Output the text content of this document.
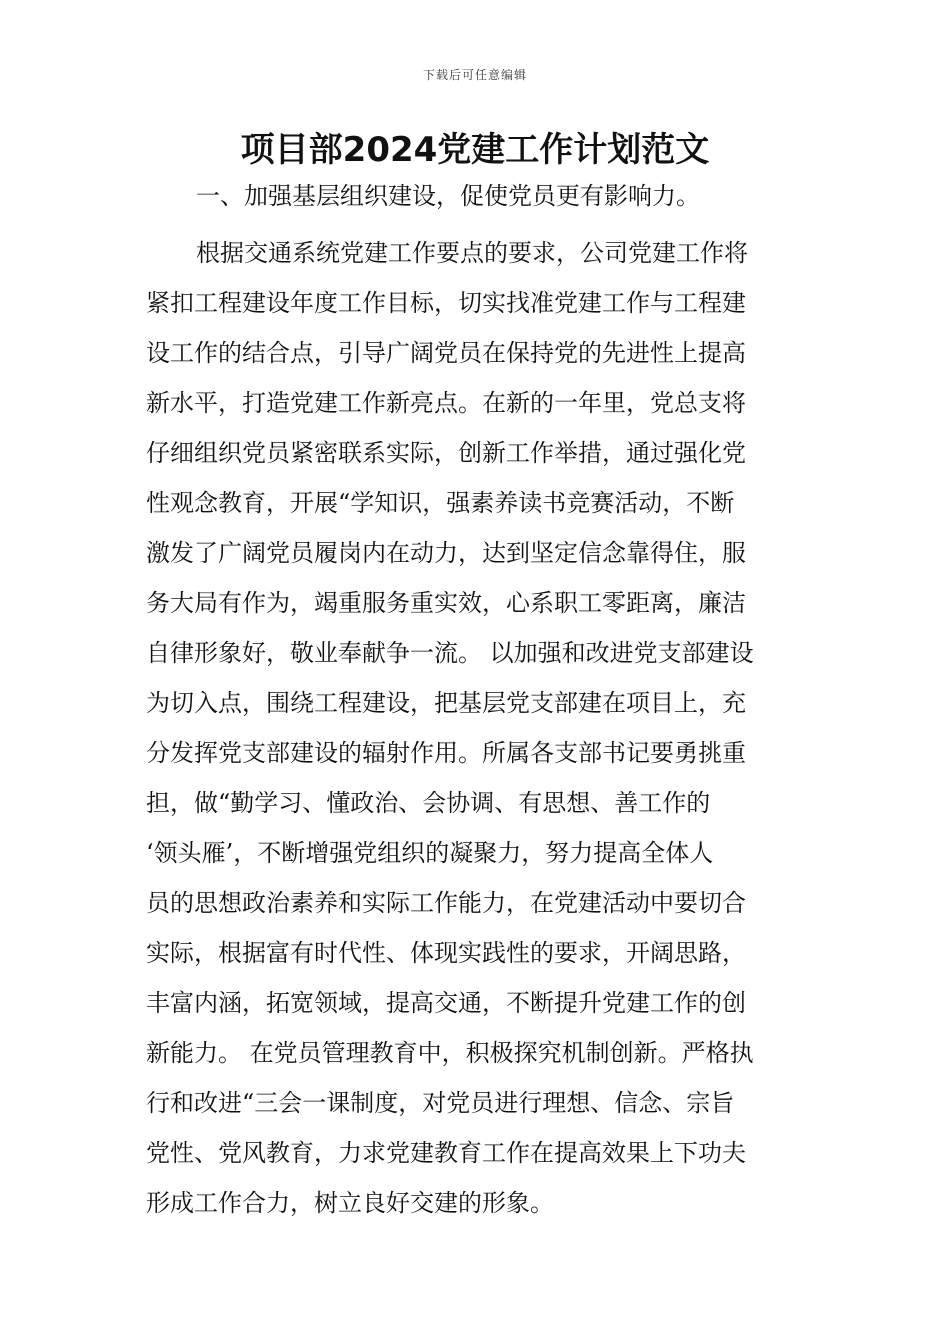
下载后可任意编辑
项目部2024党建工作计划范文
一、加强基层组织建设，促使党员更有影响力。
根据交通系统党建工作要点的要求，公司党建工作将
紧扣工程建设年度工作目标，切实找准党建工作与工程建
设工作的结合点，引导广阔党员在保持党的先进性上提高
新水平，打造党建工作新亮点。在新的一年里，党总支将
仔细组织党员紧密联系实际，创新工作举措，通过强化党
性观念教育，开展“学知识，强素养读书竞赛活动，不断
激发了广阔党员履岗内在动力，达到坚定信念靠得住，服
务大局有作为，竭重服务重实效，心系职工零距离，廉洁
自律形象好，敬业奉献争一流。 以加强和改进党支部建设
为切入点，围绕工程建设，把基层党支部建在项目上，充
分发挥党支部建设的辐射作用。所属各支部书记要勇挑重
担，做“勤学习、懂政治、会协调、有思想、善工作的
‘领头雁’，不断增强党组织的凝聚力，努力提高全体人
员的思想政治素养和实际工作能力，在党建活动中要切合
实际，根据富有时代性、体现实践性的要求，开阔思路，
丰富内涵，拓宽领域，提高交通，不断提升党建工作的创
新能力。 在党员管理教育中，积极探究机制创新。严格执
行和改进“三会一课制度，对党员进行理想、信念、宗旨
党性、党风教育，力求党建教育工作在提高效果上下功夫
形成工作合力，树立良好交建的形象。
